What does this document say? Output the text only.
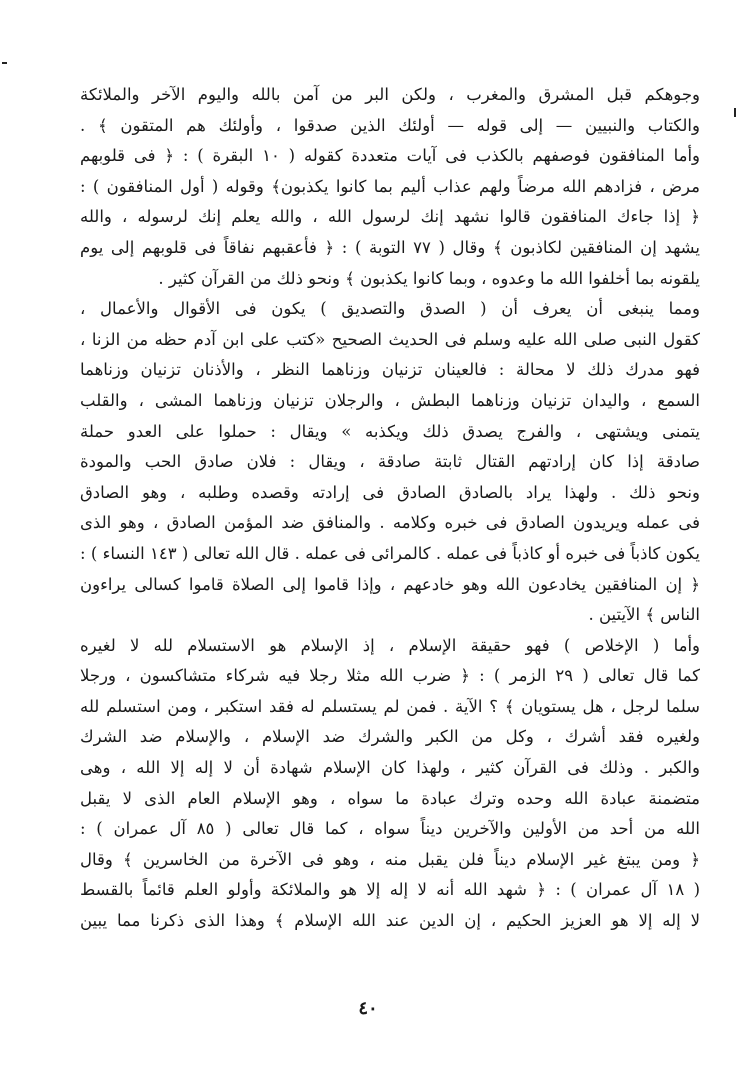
وجوهكم قبل المشرق والمغرب ، ولكن البر من آمن بالله واليوم الآخر والملائكة
والكتاب والنبيين — إلى قوله — أولئك الذين صدقوا ، وأولئك هم المتقون ﴾ .
وأما المنافقون فوصفهم بالكذب فى آيات متعددة كقوله ( ١٠ البقرة ) : ﴿ فى قلوبهم
مرض ، فزادهم الله مرضاً ولهم عذاب أليم بما كانوا يكذبون﴾ وقوله ( أول المنافقون ) :
﴿ إذا جاءك المنافقون قالوا نشهد إنك لرسول الله ، والله يعلم إنك لرسوله ، والله
يشهد إن المنافقين لكاذبون ﴾ وقال ( ٧٧ التوبة ) : ﴿ فأعقبهم نفاقاً فى قلوبهم إلى يوم
يلقونه بما أخلفوا الله ما وعدوه ، وبما كانوا يكذبون ﴾ ونحو ذلك من القرآن كثير .
ومما ينبغى أن يعرف أن ( الصدق والتصديق ) يكون فى الأقوال والأعمال ،
كقول النبى صلى الله عليه وسلم فى الحديث الصحيح «كتب على ابن آدم حظه من الزنا ،
فهو مدرك ذلك لا محالة : فالعينان تزنيان وزناهما النظر ، والأذنان تزنيان وزناهما
السمع ، واليدان تزنيان وزناهما البطش ، والرجلان تزنيان وزناهما المشى ، والقلب
يتمنى ويشتهى ، والفرج يصدق ذلك ويكذبه » ويقال : حملوا على العدو حملة
صادقة إذا كان إرادتهم القتال ثابتة صادقة ، ويقال : فلان صادق الحب والمودة
ونحو ذلك . ولهذا يراد بالصادق الصادق فى إرادته وقصده وطلبه ، وهو الصادق
فى عمله ويريدون الصادق فى خبره وكلامه . والمنافق ضد المؤمن الصادق ، وهو الذى
يكون كاذباً فى خبره أو كاذباً فى عمله . كالمرائى فى عمله . قال الله تعالى ( ١٤٣ النساء ) :
﴿ إن المنافقين يخادعون الله وهو خادعهم ، وإذا قاموا إلى الصلاة قاموا كسالى يراءون
الناس ﴾ الآيتين .
وأما ( الإخلاص ) فهو حقيقة الإسلام ، إذ الإسلام هو الاستسلام لله لا لغيره
كما قال تعالى ( ٢٩ الزمر ) : ﴿ ضرب الله مثلا رجلا فيه شركاء متشاكسون ، ورجلا
سلما لرجل ، هل يستويان ﴾ ؟ الآية . فمن لم يستسلم له فقد استكبر ، ومن استسلم لله
ولغيره فقد أشرك ، وكل من الكبر والشرك ضد الإسلام ، والإسلام ضد الشرك
والكبر . وذلك فى القرآن كثير ، ولهذا كان الإسلام شهادة أن لا إله إلا الله ، وهى
متضمنة عبادة الله وحده وترك عبادة ما سواه ، وهو الإسلام العام الذى لا يقبل
الله من أحد من الأولين والآخرين ديناً سواه ، كما قال تعالى ( ٨٥ آل عمران ) :
﴿ ومن يبتغ غير الإسلام ديناً فلن يقبل منه ، وهو فى الآخرة من الخاسرين ﴾ وقال
( ١٨ آل عمران ) : ﴿ شهد الله أنه لا إله إلا هو والملائكة وأولو العلم قائماً بالقسط
لا إله إلا هو العزيز الحكيم ، إن الدين عند الله الإسلام ﴾ وهذا الذى ذكرنا مما يبين
٤٠
